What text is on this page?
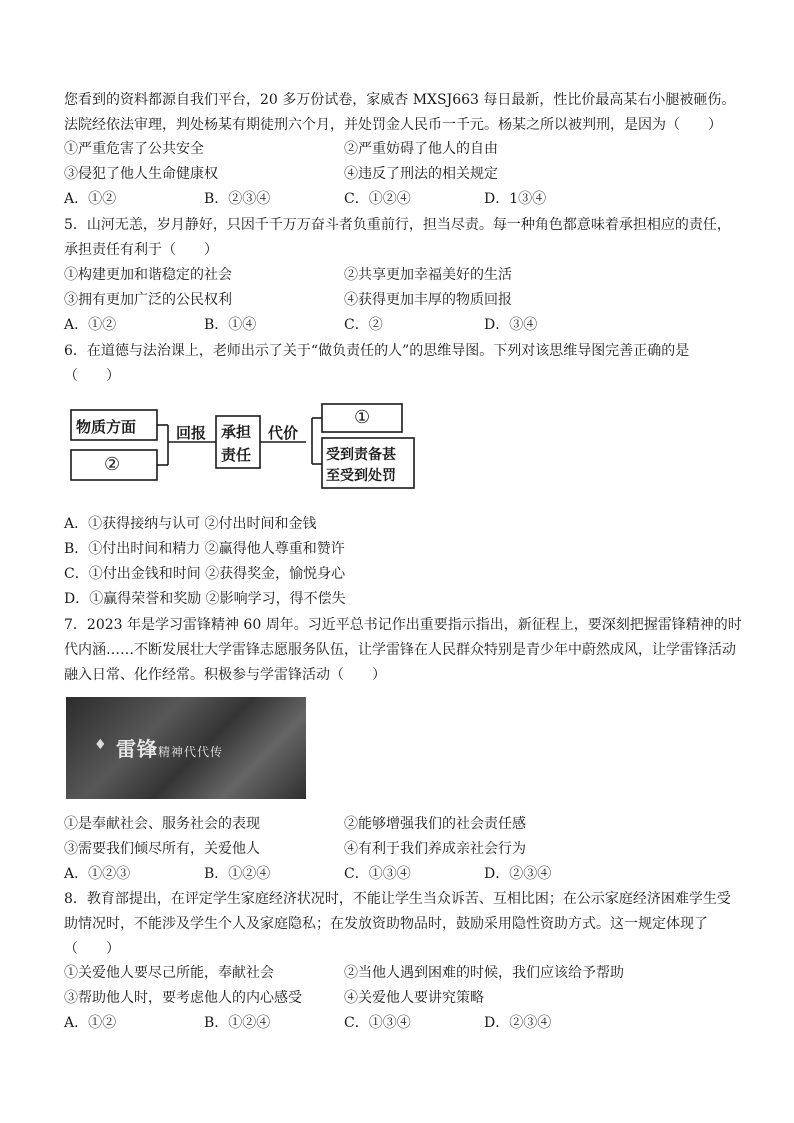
您看到的资料都源自我们平台，20 多万份试卷，家威杏 MXSJ663 每日最新，性比价最高某右小腿被砸伤。
法院经依法审理，判处杨某有期徒刑六个月，并处罚金人民币一千元。杨某之所以被判刑，是因为（　　）
①严重危害了公共安全	②严重妨碍了他人的自由
③侵犯了他人生命健康权	④违反了刑法的相关规定
A．①②	B．②③④	C．①②④	D．1③④
5．山河无恙，岁月静好，只因千千万万奋斗者负重前行，担当尽责。每一种角色都意味着承担相应的责任，
承担责任有利于（　　）
①构建更加和谐稳定的社会	②共享更加幸福美好的生活
③拥有更加广泛的公民权利	④获得更加丰厚的物质回报
A．①②	B．①④	C．②	D．③④
6．在道德与法治课上，老师出示了关于“做负责任的人”的思维导图。下列对该思维导图完善正确的是
（　　）
物质方面
②
回报 承担
责任
代价
①
受到责备甚
至受到处罚
A．①获得接纳与认可 ②付出时间和金钱
B．①付出时间和精力 ②赢得他人尊重和赞许
C．①付出金钱和时间 ②获得奖金，愉悦身心
D．①赢得荣誉和奖励 ②影响学习，得不偿失
7．2023 年是学习雷锋精神 60 周年。习近平总书记作出重要指示指出，新征程上，要深刻把握雷锋精神的时
代内涵……不断发展壮大学雷锋志愿服务队伍，让学雷锋在人民群众特别是青少年中蔚然成风，让学雷锋活动
融入日常、化作经常。积极参与学雷锋活动（　　）
♦ 雷锋精神代代传
①是奉献社会、服务社会的表现	②能够增强我们的社会责任感
③需要我们倾尽所有，关爱他人	④有利于我们养成亲社会行为
A．①②③	B．①②④	C．①③④	D．②③④
8．教育部提出，在评定学生家庭经济状况时，不能让学生当众诉苦、互相比困；在公示家庭经济困难学生受
助情况时，不能涉及学生个人及家庭隐私；在发放资助物品时，鼓励采用隐性资助方式。这一规定体现了
（　　）
①关爱他人要尽己所能，奉献社会	②当他人遇到困难的时候，我们应该给予帮助
③帮助他人时，要考虑他人的内心感受	④关爱他人要讲究策略
A．①②	B．①②④	C．①③④	D．②③④
